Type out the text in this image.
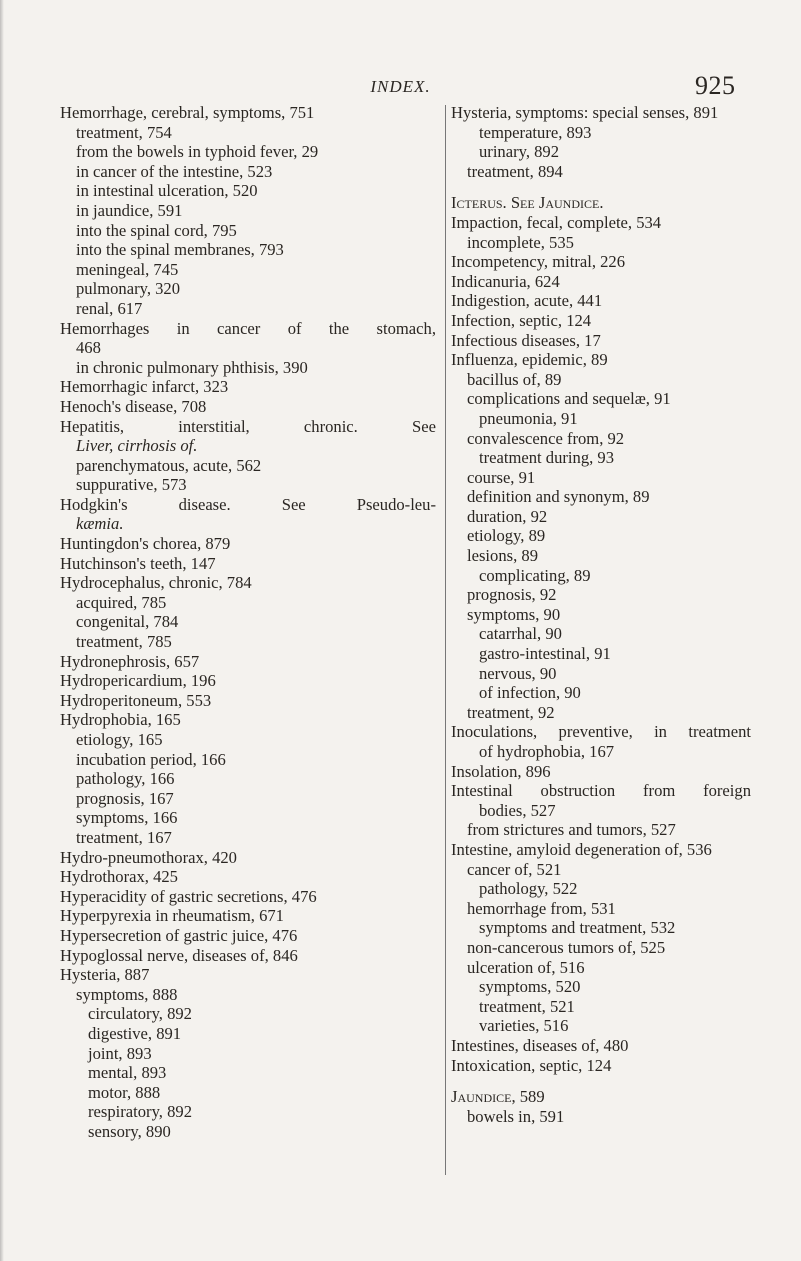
INDEX.	925
Hemorrhage, cerebral, symptoms, 751
treatment, 754
from the bowels in typhoid fever, 29
in cancer of the intestine, 523
in intestinal ulceration, 520
in jaundice, 591
into the spinal cord, 795
into the spinal membranes, 793
meningeal, 745
pulmonary, 320
renal, 617
Hemorrhages in cancer of the stomach,
468
in chronic pulmonary phthisis, 390
Hemorrhagic infarct, 323
Henoch's disease, 708
Hepatitis, interstitial, chronic. See
Liver, cirrhosis of.
parenchymatous, acute, 562
suppurative, 573
Hodgkin's disease. See Pseudo-leu-
kæmia.
Huntingdon's chorea, 879
Hutchinson's teeth, 147
Hydrocephalus, chronic, 784
acquired, 785
congenital, 784
treatment, 785
Hydronephrosis, 657
Hydropericardium, 196
Hydroperitoneum, 553
Hydrophobia, 165
etiology, 165
incubation period, 166
pathology, 166
prognosis, 167
symptoms, 166
treatment, 167
Hydro-pneumothorax, 420
Hydrothorax, 425
Hyperacidity of gastric secretions, 476
Hyperpyrexia in rheumatism, 671
Hypersecretion of gastric juice, 476
Hypoglossal nerve, diseases of, 846
Hysteria, 887
symptoms, 888
circulatory, 892
digestive, 891
joint, 893
mental, 893
motor, 888
respiratory, 892
sensory, 890
Hysteria, symptoms: special senses, 891
temperature, 893
urinary, 892
treatment, 894
Icterus. See Jaundice.
Impaction, fecal, complete, 534
incomplete, 535
Incompetency, mitral, 226
Indicanuria, 624
Indigestion, acute, 441
Infection, septic, 124
Infectious diseases, 17
Influenza, epidemic, 89
bacillus of, 89
complications and sequelæ, 91
pneumonia, 91
convalescence from, 92
treatment during, 93
course, 91
definition and synonym, 89
duration, 92
etiology, 89
lesions, 89
complicating, 89
prognosis, 92
symptoms, 90
catarrhal, 90
gastro-intestinal, 91
nervous, 90
of infection, 90
treatment, 92
Inoculations, preventive, in treatment
of hydrophobia, 167
Insolation, 896
Intestinal obstruction from foreign
bodies, 527
from strictures and tumors, 527
Intestine, amyloid degeneration of, 536
cancer of, 521
pathology, 522
hemorrhage from, 531
symptoms and treatment, 532
non-cancerous tumors of, 525
ulceration of, 516
symptoms, 520
treatment, 521
varieties, 516
Intestines, diseases of, 480
Intoxication, septic, 124
Jaundice, 589
bowels in, 591
